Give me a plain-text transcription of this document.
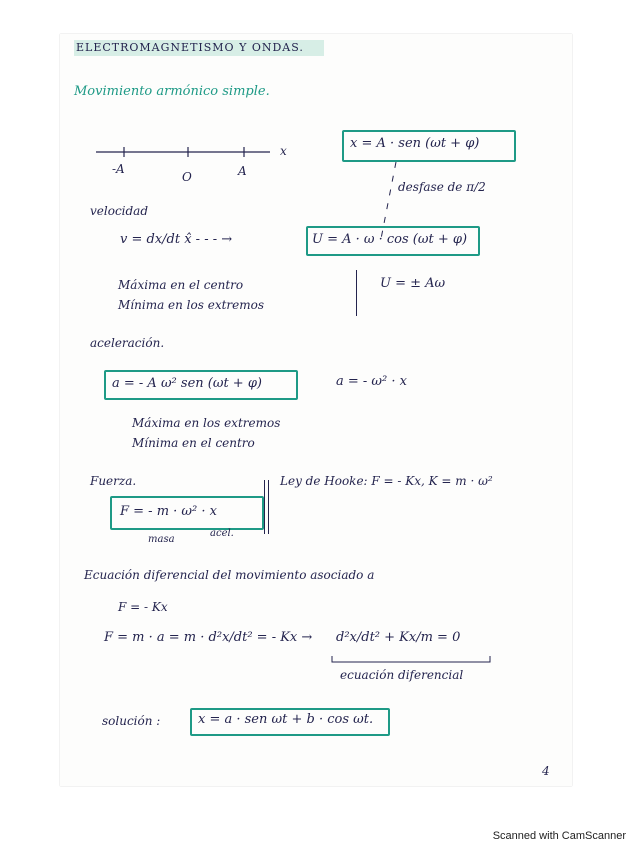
ELECTROMAGNETISMO Y ONDAS.
Movimiento armónico simple.
-A
O	A
x	x = A · sen (ωt + φ)
desfase de π/2
velocidad
v = dx/dt x̂ - - - →	U = A · ω · cos (ωt + φ)
Máxima en el centro
Mínima en los extremos
U = ± Aω
aceleración.
a = - A ω² sen (ωt + φ)	a = - ω² · x
Máxima en los extremos
Mínima en el centro
Fuerza.
F = - m · ω² · x
masa
acel.
Ley de Hooke: F = - Kx, K = m · ω²
Ecuación diferencial del movimiento asociado a
F = - Kx
F = m · a = m · d²x/dt² = - Kx → d²x/dt² + Kx/m = 0
ecuación diferencial
solución :	x = a · sen ωt + b · cos ωt.
4
Scanned with CamScanner
